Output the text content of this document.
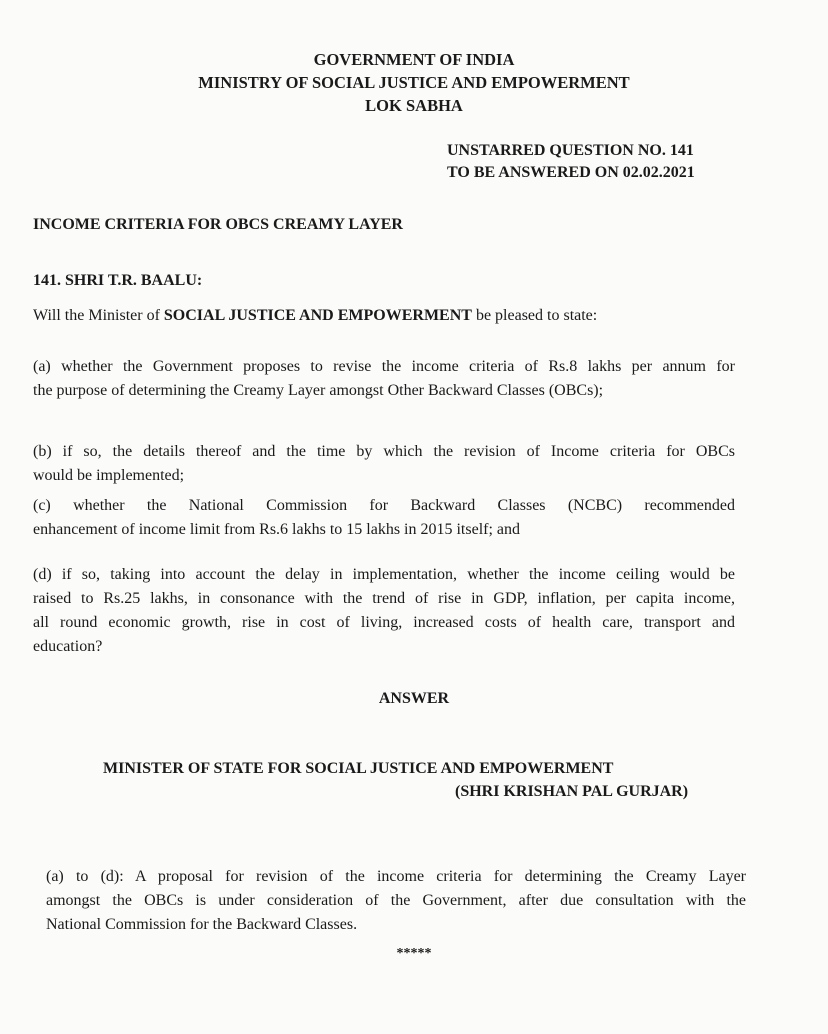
GOVERNMENT OF INDIA
MINISTRY OF SOCIAL JUSTICE AND EMPOWERMENT
LOK SABHA
UNSTARRED QUESTION NO. 141
TO BE ANSWERED ON 02.02.2021
INCOME CRITERIA FOR OBCS CREAMY LAYER
141. SHRI T.R. BAALU:
Will the Minister of SOCIAL JUSTICE AND EMPOWERMENT be pleased to state:
(a) whether the Government proposes to revise the income criteria of Rs.8 lakhs per annum for
the purpose of determining the Creamy Layer amongst Other Backward Classes (OBCs);
(b) if so, the details thereof and the time by which the revision of Income criteria for OBCs
would be implemented;
(c) whether the National Commission for Backward Classes (NCBC) recommended
enhancement of income limit from Rs.6 lakhs to 15 lakhs in 2015 itself; and
(d) if so, taking into account the delay in implementation, whether the income ceiling would be
raised to Rs.25 lakhs, in consonance with the trend of rise in GDP, inflation, per capita income,
all round economic growth, rise in cost of living, increased costs of health care, transport and
education?
ANSWER
MINISTER OF STATE FOR SOCIAL JUSTICE AND EMPOWERMENT
(SHRI KRISHAN PAL GURJAR)
(a) to (d): A proposal for revision of the income criteria for determining the Creamy Layer
amongst the OBCs is under consideration of the Government, after due consultation with the
National Commission for the Backward Classes.
*****
